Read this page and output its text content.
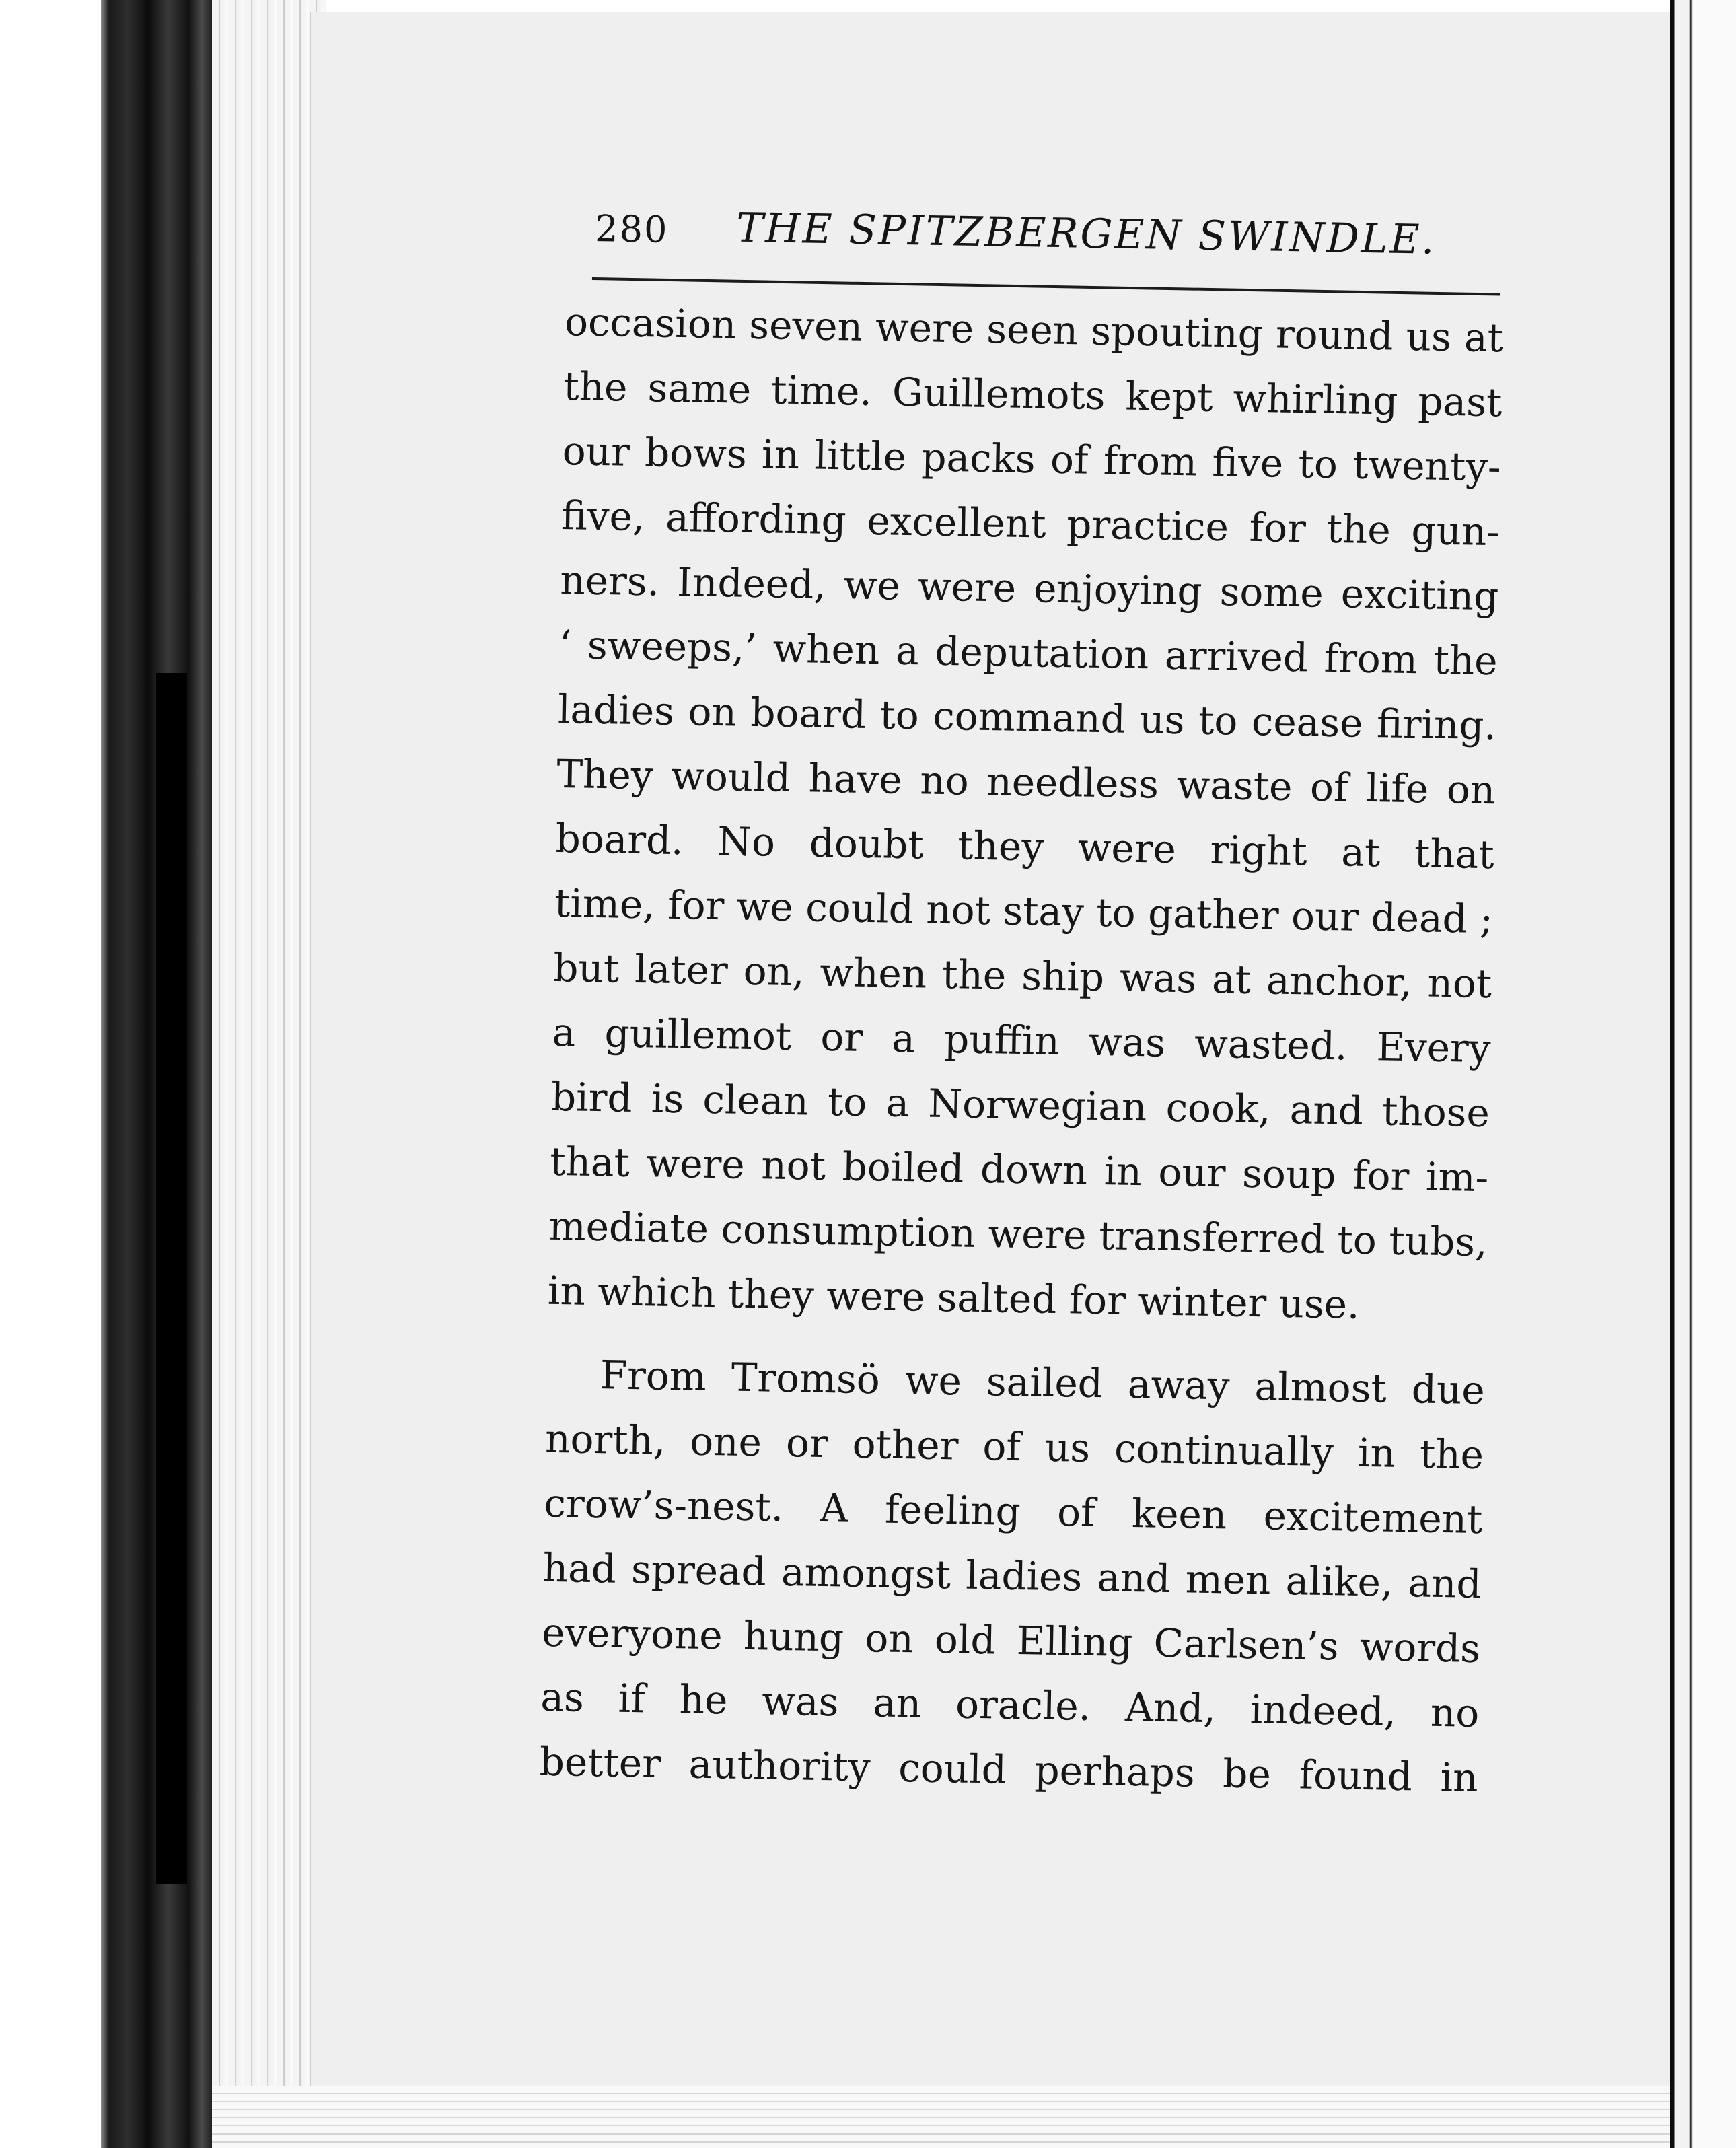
280 THE SPITZBERGEN SWINDLE.
occasion seven were seen spouting round us at
the same time. Guillemots kept whirling past
our bows in little packs of from five to twenty-
five, affording excellent practice for the gun-
ners. Indeed, we were enjoying some exciting
‘ sweeps,’ when a deputation arrived from the
ladies on board to command us to cease firing.
They would have no needless waste of life on
board. No doubt they were right at that
time, for we could not stay to gather our dead ;
but later on, when the ship was at anchor, not
a guillemot or a puffin was wasted. Every
bird is clean to a Norwegian cook, and those
that were not boiled down in our soup for im-
mediate consumption were transferred to tubs,
in which they were salted for winter use.
From Tromsö we sailed away almost due
north, one or other of us continually in the
crow’s-nest. A feeling of keen excitement
had spread amongst ladies and men alike, and
everyone hung on old Elling Carlsen’s words
as if he was an oracle. And, indeed, no
better authority could perhaps be found in
